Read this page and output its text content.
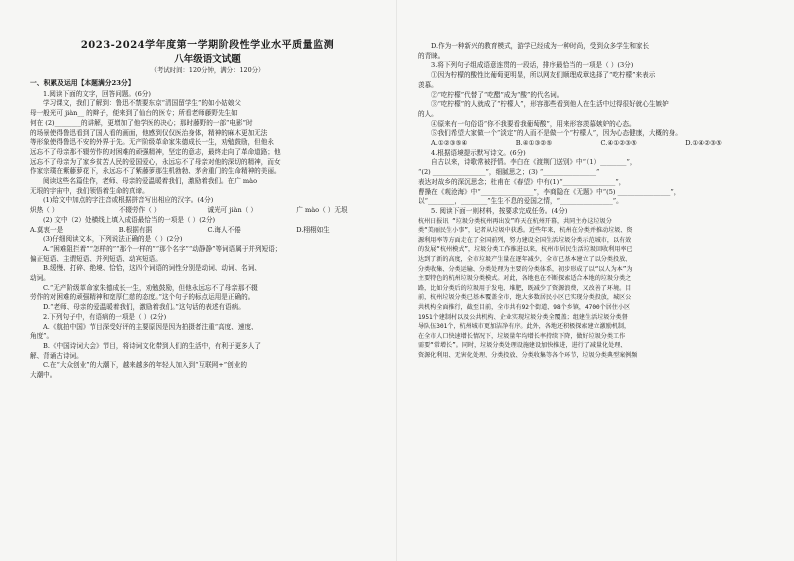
2023-2024学年度第一学期阶段性学业水平质量监测
八年级语文试题
（考试时间：120分钟，满分：120分）

一、积累及运用【本题满分23分】

1.阅读下面的文字，回答问题。(6分)

学习课文，我们了解到：鲁迅不禁要东京“清国留学生”的如小姑娘父

母一般光可 jiàn__ 的辫子，便来到了仙台的医专；所看老师藤野先生如

何在 (2)________的讲解，更增加了他学医的决心；那时藤野的一部“电影”时

的场景使得鲁迅看到了国人看的画面，他感到仅仅医治身体，精神的麻木更加无法

等形象使得鲁迅不安的外界于先。无产阶级革命家朱德成长一生，劝勉鼓励，但他永

远忘不了母亲那不辍劳作的对困难的顽强精神，坚定的意志，最终走向了革命道路；他

远忘不了母亲为了家乡贫苦人民的爱国爱心，永远忘不了母亲对他的深切的精神，而女

作家宗璞在紫藤萝花下，永远忘不了紫藤萝那生机勃勃、茅舍重门的生命精神的美丽。

阅读这些名篇佳作，老师、母亲的爱温暖着我们，激励着我们。在广 mào

无垠的宇宙中，我们领悟着生命的真谛。

(1)给文中加点的字注音或根据拼音写出相应的汉字。(4分)

炽热（ ）	不辍劳作（ ）	诚光可 jiàn（ ）	广 mào（ ）无垠

(2) 文中（2）处横线上填入成语最恰当的一项是（ ）(2分)

A.莫衷一是	B.根据有据	C.诲人不倦	D.栩栩如生

(3)仔细阅读文本，下列说法正确的是（ ）(2分)

A.“困难阻拦着”“怎样的”“那个一样的”“那个名字”“动静静”等词语属于并列短语；

偏正短语、主谓短语、并列短语、动宾短语。

B.缓慢、打碎、绝境、恰恰，这四个词语的词性分别是动词、动词、名词、

动词。

C.“无产阶级革命家朱德成长一生，劝勉鼓励，但他永远忘不了母亲那不辍

劳作的对困难的顽强精神和宽厚仁慈的态度。”这个句子的标点运用是正确的。

D.“老师、母亲的爱温暖着我们，激励着我们。”这句话的表述有语病。

2.下列句子中，有语病的一项是（ ）(2分)

A.《航拍中国》节目深受好评的主要原因是因为拍摄者注重“高度、速度、

角度”。

B.《中国诗词大会》节目，将诗词文化带到人们的生活中，有利于更多人了

解、背诵古诗词。

C.在“大众创业”的大潮下，越来越多的年轻人加入到“互联网+”创业的

大潮中。

D.作为一种新兴的教育模式，游学已经成为一种时尚，受到众多学生和家长

的青睐。

3.将下列句子组成语意连贯的一段话，排序最恰当的一项是（ ）(3分)

①因为柠檬的酸性比葡萄更明显，所以网友们顺理成章选择了“吃柠檬”来表示

羡慕。

②“吃柠檬”代替了“吃醋”成为“酸”的代名词。

③“吃柠檬”的人就成了“柠檬人”，形容那些看到他人在生活中过得很好就心生嫉妒

的人。

④原来有一句俗语“你不我要看我葡萄酸”，用来形容羡慕嫉妒的心态。

⑤我们希望大家做一个“淡定”的人而不是做一个“柠檬人”，因为心态健康，大概的身。

A.①②③⑤④	B.④①③②⑤	C.④①②③⑤	D.①④②③⑤

4.根据语境提示默写诗文。(6分)

自古以来，诗歌常被抒情。李白在《渡荆门送别》中“（1）________”，

“(2) ________________”，细腻思之；(3) “________________”

表达对故乡的深沉思念；杜甫在《春望》中有(1)“________________”，

曹操在《观沧海》中“________________”，李商隐在《无题》中“(5) ________________”，

以“________，________”生生不息的爱国之情，“________________”。

5. 阅读下面一则材料，按要求完成任务。(4分)

杭州日报讯 “垃圾分类杭州再出发”昨天在杭州开幕，共同主办这垃圾分

类“美丽民生小事”，记者从垃圾中获悉。近些年来，杭州在分类并推动垃圾、资

源利用率等方面走在了全国前列，努力建设全国生活垃圾分类示范城市，以有效

的发展“杭州模式”，垃圾分类工作推进以来，杭州市居民生活垃圾回收利用率已

达到了新的高度，全市垃圾产生量在逐年减少，全市已基本建立了以分类投放、

分类收集、分类运输、分类处理为主要的分类体系，初步形成了以“以人为本”为

主要特色的杭州垃圾分类模式。对此，各地也在不断探索适合本地的垃圾分类之

路，比如分类后的垃圾用于发电、堆肥，既减少了资源浪费，又改善了环境。目

前，杭州垃圾分类已基本覆盖全市，绝大多数居民小区已实现分类投放，城区公

共机构全面推行，截至目前，全市共有92个街道、98个乡镇，4700个居住小区

1951个建制村以及公共机构、企业实现垃圾分类全覆盖；组建生活垃圾分类督

导队伍301个，杭州城市更加洁净有序。此外，各地还积极探索建立激励机制，

在全市人口快速增长情况下，垃圾量年均增长率持续下降，做好垃圾分类工作

需要“常增长”。同时，垃圾分类处理设施建设加快推进，进行了减量化处理、

资源化利用、无害化处理、分类投放、分类收集等各个环节，垃圾分类典型案例频
